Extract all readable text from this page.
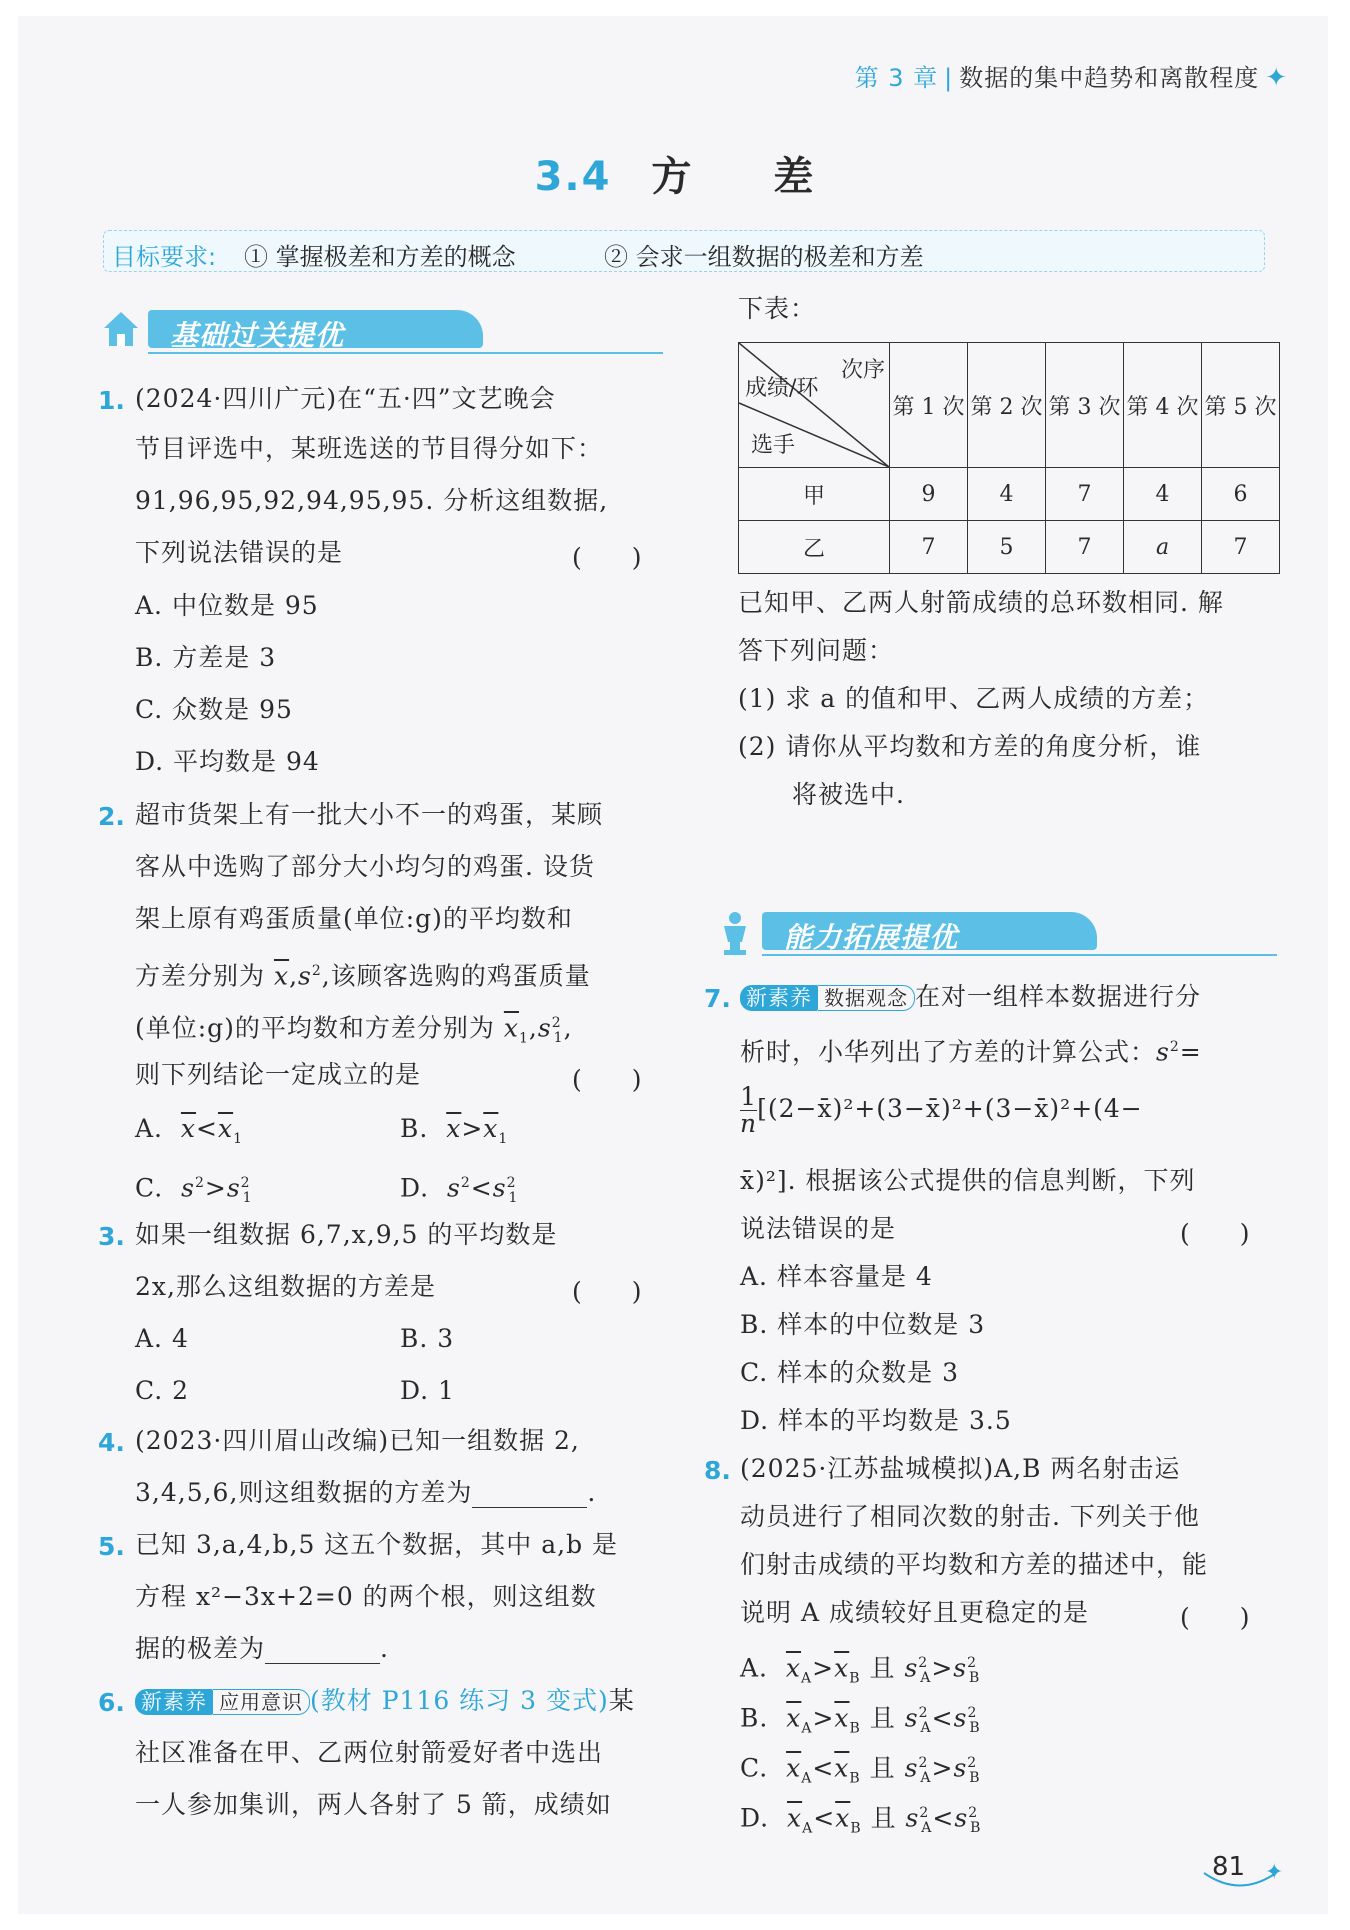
第 3 章 | 数据的集中趋势和离散程度 ✦
3.4 方 差
目标要求: ① 掌握极差和方差的概念	② 会求一组数据的极差和方差
基础过关提优
1. (2024·四川广元)在“五·四”文艺晚会
节目评选中，某班选送的节目得分如下：
91,96,95,92,94,95,95. 分析这组数据,
下列说法错误的是	(　　)
A. 中位数是 95
B. 方差是 3
C. 众数是 95
D. 平均数是 94
2. 超市货架上有一批大小不一的鸡蛋，某顾
客从中选购了部分大小均匀的鸡蛋. 设货
架上原有鸡蛋质量(单位:g)的平均数和
方差分别为 $\overline{x},s^2$,该顾客选购的鸡蛋质量
(单位:g)的平均数和方差分别为 $\overline{x}_1,s^2_1$,
则下列结论一定成立的是	(　　)
A. $\overline{x}<\overline{x}_1$	B. $\overline{x}>\overline{x}_1$
C. $s^2>s^2_1$	D. $s^2<s^2_1$
3. 如果一组数据 6,7,x,9,5 的平均数是
2x,那么这组数据的方差是	(　　)
A. 4	B. 3
C. 2	D. 1
4. (2023·四川眉山改编)已知一组数据 2,
3,4,5,6,则这组数据的方差为	.
5. 已知 3,a,4,b,5 这五个数据，其中 a,b 是
方程 x²−3x+2=0 的两个根，则这组数
据的极差为	.
6. 新素养 应用意识 (教材 P116 练习 3 变式)某
社区准备在甲、乙两位射箭爱好者中选出
一人参加集训，两人各射了 5 箭，成绩如
下表：
次序
成绩/环
选手	第 1 次	第 2 次	第 3 次	第 4 次	第 5 次
甲	9	4	7	4	6
乙	7	5	7	a	7
已知甲、乙两人射箭成绩的总环数相同. 解
答下列问题：
(1) 求 a 的值和甲、乙两人成绩的方差；
(2) 请你从平均数和方差的角度分析，谁
将被选中.
能力拓展提优
7. 新素养 数据观念 在对一组样本数据进行分
析时，小华列出了方差的计算公式：$s^2=$
$\frac{1}{n}$ [(2−x̄)²+(3−x̄)²+(3−x̄)²+(4−
x̄)²]. 根据该公式提供的信息判断，下列
说法错误的是	(　　)
A. 样本容量是 4
B. 样本的中位数是 3
C. 样本的众数是 3
D. 样本的平均数是 3.5
8. (2025·江苏盐城模拟)A,B 两名射击运
动员进行了相同次数的射击. 下列关于他
们射击成绩的平均数和方差的描述中，能
说明 A 成绩较好且更稳定的是	(　　)
A. $\overline{x}_A>\overline{x}_B$ 且 $s^2_A>s^2_B$
B. $\overline{x}_A>\overline{x}_B$ 且 $s^2_A<s^2_B$
C. $\overline{x}_A<\overline{x}_B$ 且 $s^2_A>s^2_B$
D. $\overline{x}_A<\overline{x}_B$ 且 $s^2_A<s^2_B$
81 ✦
